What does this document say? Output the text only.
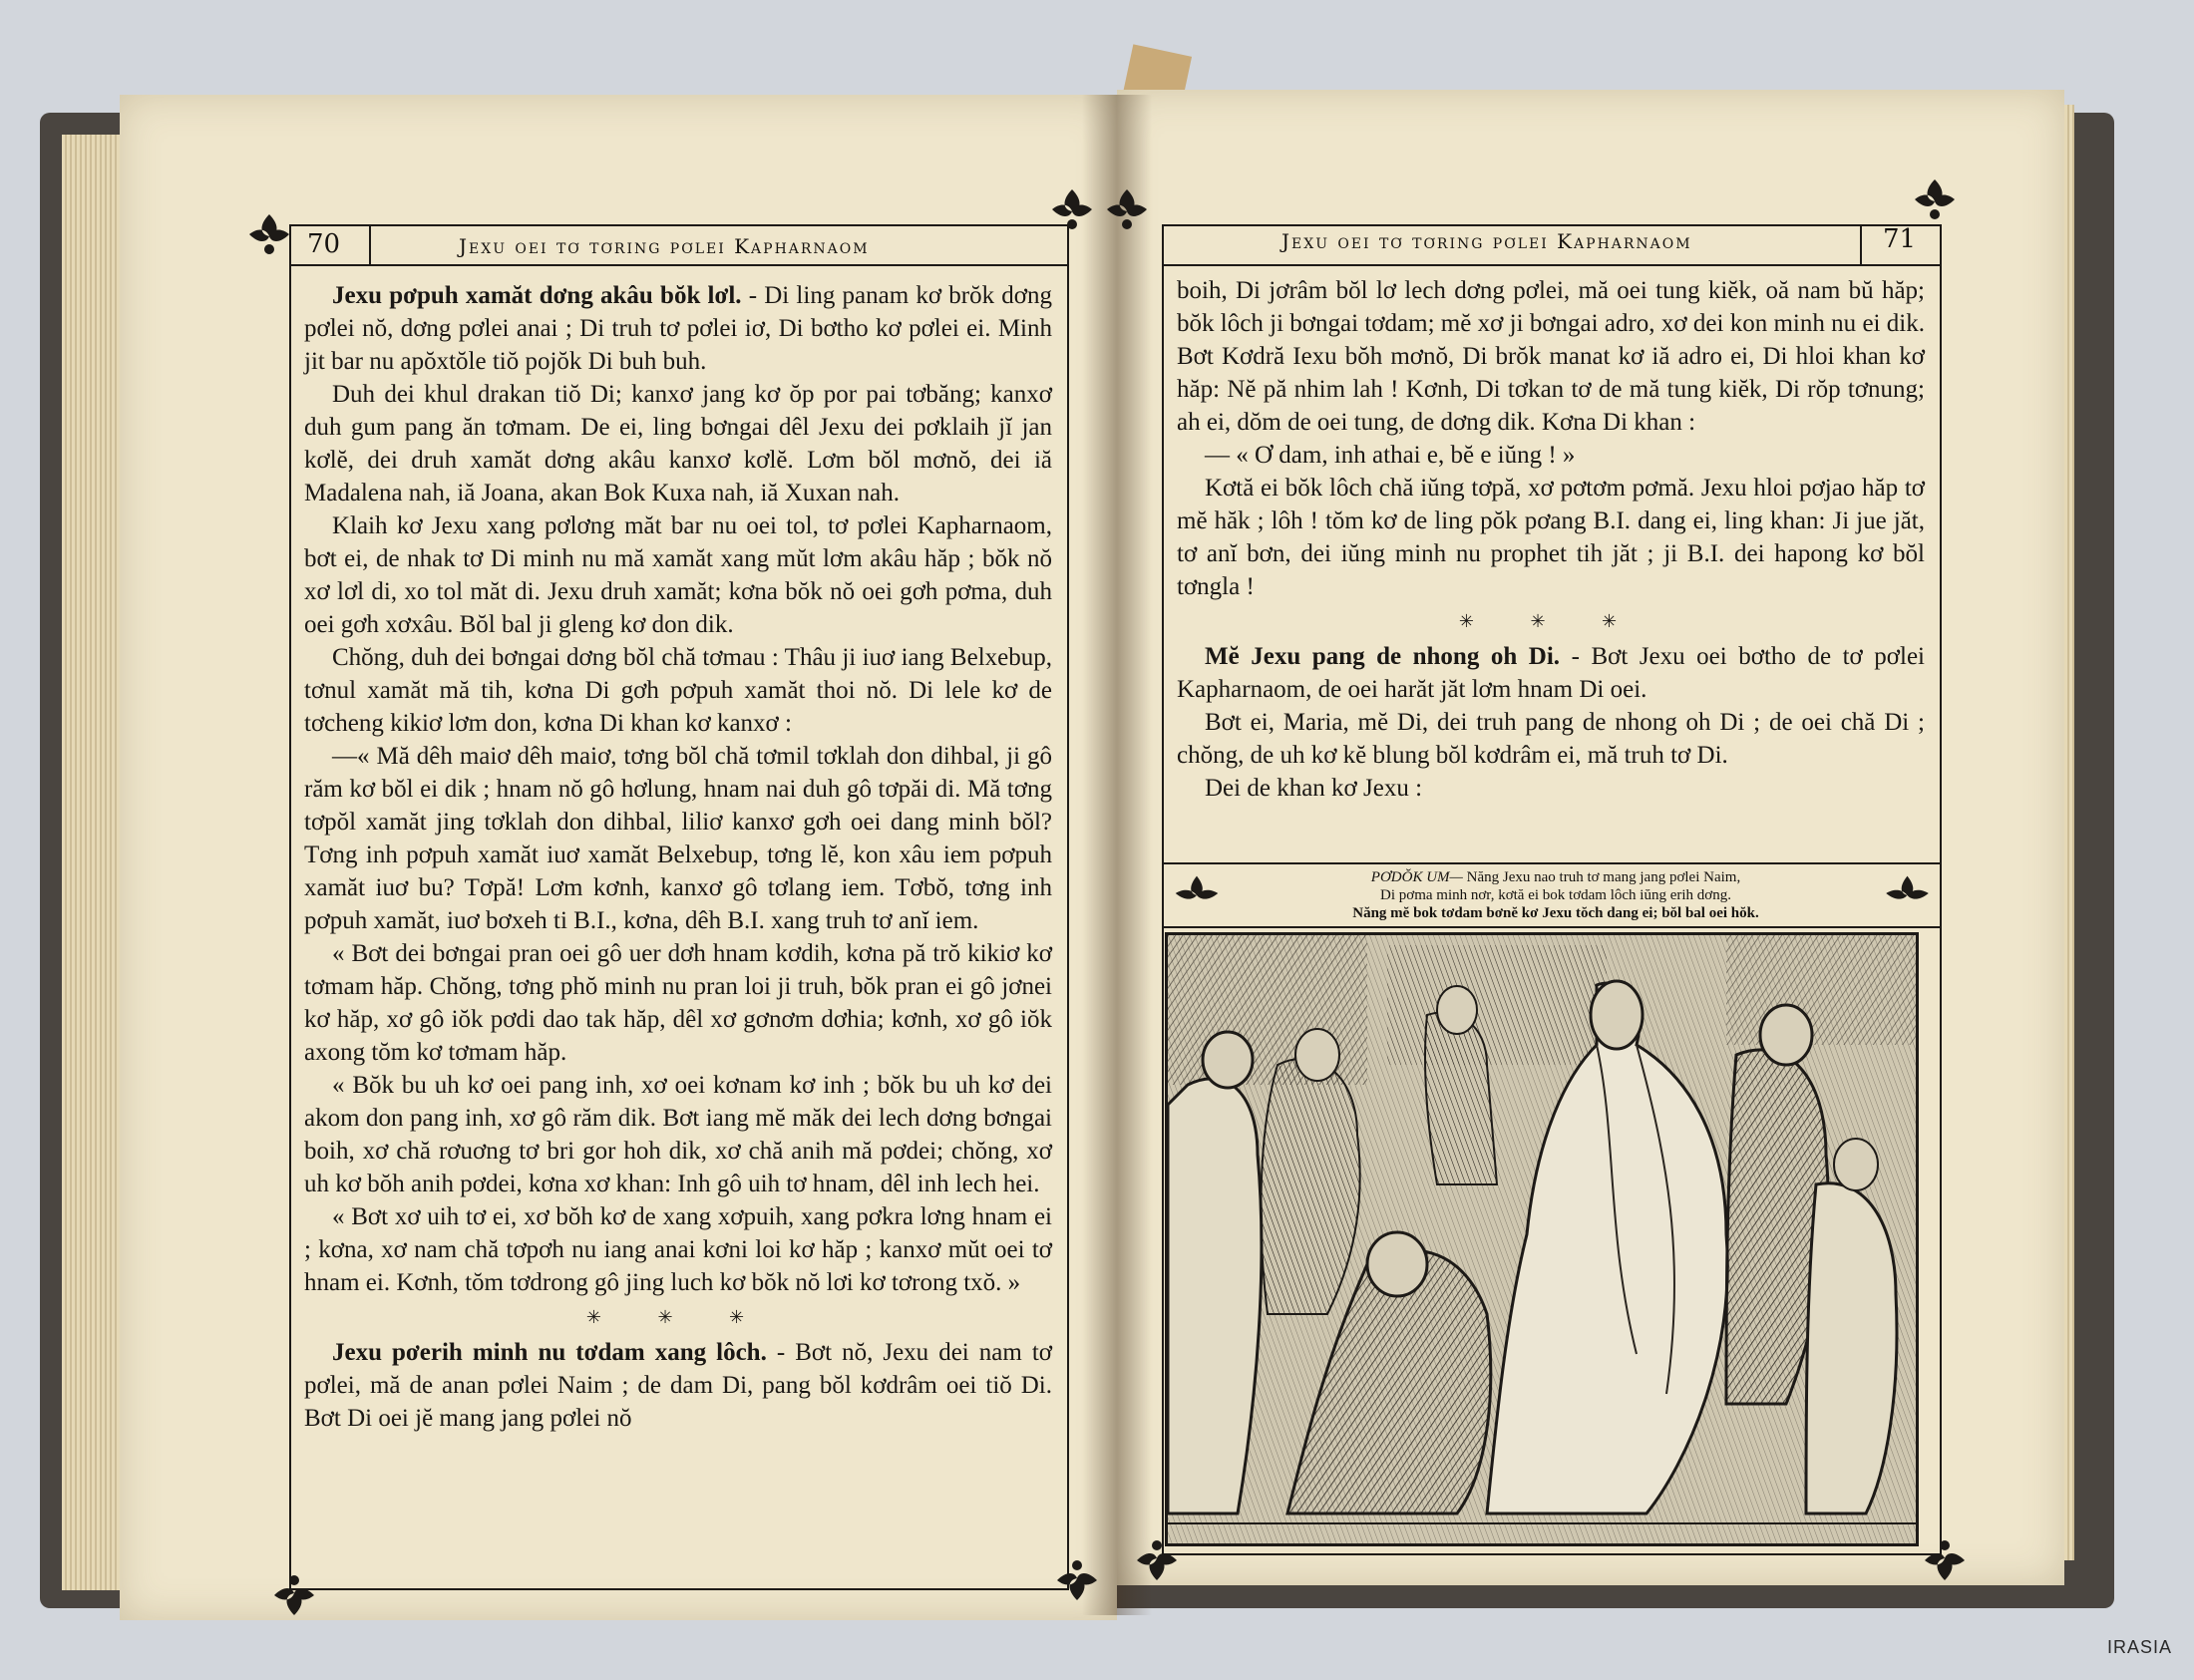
70	Jexu oei tơ tơring pơlei Kapharnaom

Jexu pơpuh xamăt dơng akâu bŏk lơl. - Di ling panam kơ brŏk dơng pơlei nŏ, dơng pơlei anai ; Di truh tơ pơlei iơ, Di bơtho kơ pơlei ei. Minh jit bar nu apŏxtŏle tiŏ pojŏk Di buh buh.

Duh dei khul drakan tiŏ Di; kanxơ jang kơ ŏp por pai tơbăng; kanxơ duh gum pang ăn tơmam. De ei, ling bơngai dêl Jexu dei pơklaih jĭ jan kơlĕ, dei druh xamăt dơng akâu kanxơ kơlĕ. Lơm bŏl mơnŏ, dei iă Madalena nah, iă Joana, akan Bok Kuxa nah, iă Xuxan nah.

Klaih kơ Jexu xang pơlơng măt bar nu oei tol, tơ pơlei Kapharnaom, bơt ei, de nhak tơ Di minh nu mă xamăt xang mŭt lơm akâu hăp ; bŏk nŏ xơ lơl di, xo tol măt di. Jexu druh xamăt; kơna bŏk nŏ oei gơh pơma, duh oei gơh xơxâu. Bŏl bal ji gleng kơ don dik.

Chŏng, duh dei bơngai dơng bŏl chă tơmau : Thâu ji iuơ iang Belxebup, tơnul xamăt mă tih, kơna Di gơh pơpuh xamăt thoi nŏ. Di lele kơ de tơcheng kikiơ lơm don, kơna Di khan kơ kanxơ :

—« Mă dêh maiơ dêh maiơ, tơng bŏl chă tơmil tơklah don dihbal, ji gô răm kơ bŏl ei dik ; hnam nŏ gô hơlung, hnam nai duh gô tơpăi di. Mă tơng tơpŏl xamăt jing tơklah don dihbal, liliơ kanxơ gơh oei dang minh bŏl? Tơng inh pơpuh xamăt iuơ xamăt Belxebup, tơng lĕ, kon xâu iem pơpuh xamăt iuơ bu? Tơpă! Lơm kơnh, kanxơ gô tơlang iem. Tơbŏ, tơng inh pơpuh xamăt, iuơ bơxeh ti B.I., kơna, dêh B.I. xang truh tơ anĭ iem.

« Bơt dei bơngai pran oei gô uer dơh hnam kơdih, kơna pă trŏ kikiơ kơ tơmam hăp. Chŏng, tơng phŏ minh nu pran loi ji truh, bŏk pran ei gô jơnei kơ hăp, xơ gô iŏk pơdi dao tak hăp, dêl xơ gơnơm dơhia; kơnh, xơ gô iŏk axong tŏm kơ tơmam hăp.

« Bŏk bu uh kơ oei pang inh, xơ oei kơnam kơ inh ; bŏk bu uh kơ dei akom don pang inh, xơ gô răm dik. Bơt iang mĕ măk dei lech dơng bơngai boih, xơ chă rơuơng tơ bri gor hoh dik, xơ chă anih mă pơdei; chŏng, xơ uh kơ bŏh anih pơdei, kơna xơ khan: Inh gô uih tơ hnam, dêl inh lech hei.

« Bơt xơ uih tơ ei, xơ bŏh kơ de xang xơpuih, xang pơkra lơng hnam ei ; kơna, xơ nam chă tơpơh nu iang anai kơni loi kơ hăp ; kanxơ mŭt oei tơ hnam ei. Kơnh, tŏm tơdrong gô jing luch kơ bŏk nŏ lơi kơ tơrong txŏ. »

✳ ✳ ✳

Jexu pơerih minh nu tơdam xang lôch. - Bơt nŏ, Jexu dei nam tơ pơlei, mă de anan pơlei Naim ; de dam Di, pang bŏl kơdrâm oei tiŏ Di. Bơt Di oei jĕ mang jang pơlei nŏ

71
Jexu oei tơ tơring pơlei Kapharnaom

boih, Di jơrâm bŏl lơ lech dơng pơlei, mă oei tung kiĕk, oă nam bŭ hăp; bŏk lôch ji bơngai tơdam; mĕ xơ ji bơngai adro, xơ dei kon minh nu ei dik. Bơt Kơdră Iexu bŏh mơnŏ, Di brŏk manat kơ iă adro ei, Di hloi khan kơ hăp: Nĕ pă nhim lah ! Kơnh, Di tơkan tơ de mă tung kiĕk, Di rŏp tơnung; ah ei, dŏm de oei tung, de dơng dik. Kơna Di khan :

— « Ơ dam, inh athai e, bĕ e iŭng ! »

Kơtă ei bŏk lôch chă iŭng tơpă, xơ pơtơm pơmă. Jexu hloi pơjao hăp tơ mĕ hăk ; lôh ! tŏm kơ de ling pŏk pơang B.I. dang ei, ling khan: Ji jue jăt, tơ anĭ bơn, dei iŭng minh nu prophet tih jăt ; ji B.I. dei hapong kơ bŏl tơngla !

✳ ✳ ✳

Mĕ Jexu pang de nhong oh Di. - Bơt Jexu oei bơtho de tơ pơlei Kapharnaom, de oei harăt jăt lơm hnam Di oei.

Bơt ei, Maria, mĕ Di, dei truh pang de nhong oh Di ; de oei chă Di ; chŏng, de uh kơ kĕ blung bŏl kơdrâm ei, mă truh tơ Di.

Dei de khan kơ Jexu :

PƠDŎK UM— Năng Jexu nao truh tơ mang jang pơlei Naim,
Di pơma minh nơr, kơtă ei bok tơdam lôch iŭng erih dơng.
Năng mĕ bok tơdam bơnĕ kơ Jexu tŏch dang ei; bŏl bal oei hŏk.
IRASIA
